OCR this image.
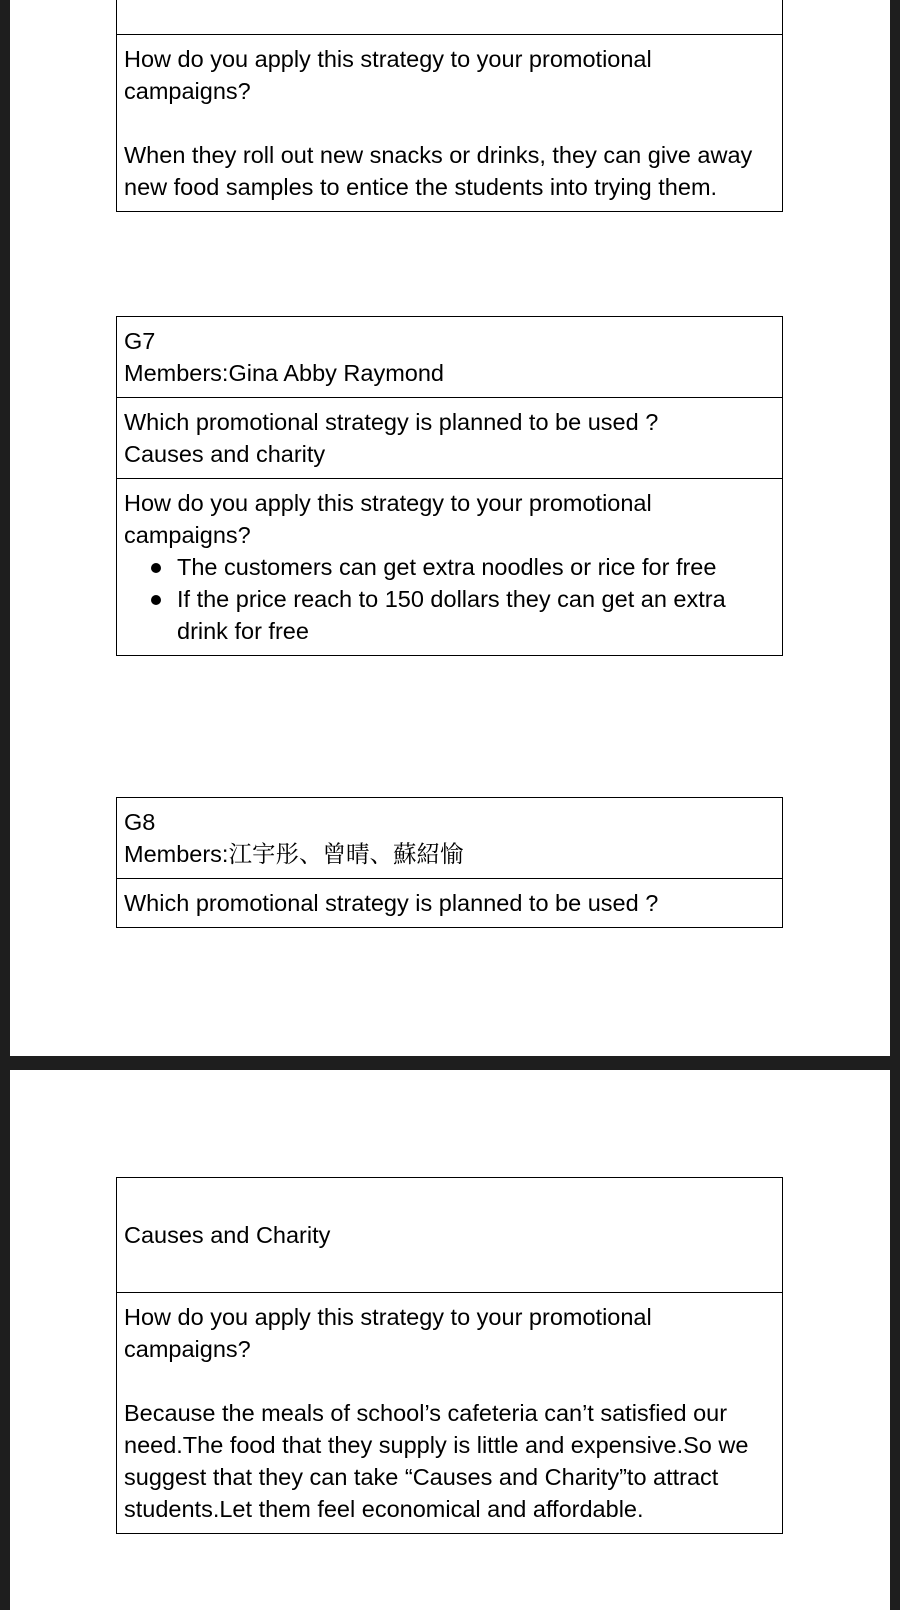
How do you apply this strategy to your promotional campaigns?

When they roll out new snacks or drinks, they can give away new food samples to entice the students into trying them.

G7

Members:Gina Abby Raymond

Which promotional strategy is planned to be used ?

Causes and charity

How do you apply this strategy to your promotional campaigns?

The customers can get extra noodles or rice for free
If the price reach to 150 dollars they can get an extra drink for free

G8

Members:江宇彤、曾晴、蘇紹愉

Which promotional strategy is planned to be used ?

Causes and Charity

How do you apply this strategy to your promotional campaigns?

Because the meals of school’s cafeteria can’t satisfied our need.The food that they supply is little and expensive.So we suggest that they can take “Causes and Charity”to attract students.Let them feel economical and affordable.
